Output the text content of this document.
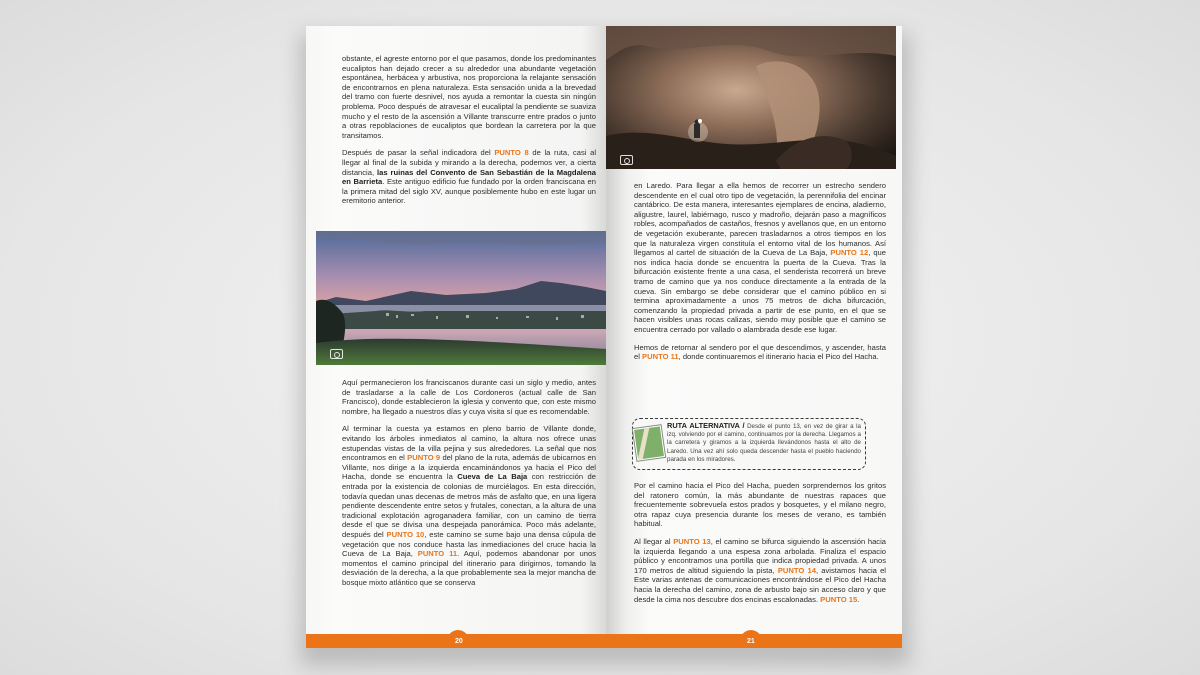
obstante, el agreste entorno por el que pasamos, donde los predominantes eucaliptos han dejado crecer a su alrededor una abundante vegetación espontánea, herbácea y arbustiva, nos proporciona la relajante sensación de encontrarnos en plena naturaleza. Esta sensación unida a la brevedad del tramo con fuerte desnivel, nos ayuda a remontar la cuesta sin ningún problema. Poco después de atravesar el eucaliptal la pendiente se suaviza mucho y el resto de la ascensión a Villante transcurre entre prados o junto a otras repoblaciones de eucaliptos que bordean la carretera por la que transitamos.

Después de pasar la señal indicadora del PUNTO 8 de la ruta, casi al llegar al final de la subida y mirando a la derecha, podemos ver, a cierta distancia, las ruinas del Convento de San Sebastián de la Magdalena en Barrieta. Este antiguo edificio fue fundado por la orden franciscana en la primera mitad del siglo XV, aunque posiblemente hubo en este lugar un eremitorio anterior.

Aquí permanecieron los franciscanos durante casi un siglo y medio, antes de trasladarse a la calle de Los Cordoneros (actual calle de San Francisco), donde establecieron la iglesia y convento que, con este mismo nombre, ha llegado a nuestros días y cuya visita sí que es recomendable.

Al terminar la cuesta ya estamos en pleno barrio de Villante donde, evitando los árboles inmediatos al camino, la altura nos ofrece unas estupendas vistas de la villa pejina y sus alrededores. La señal que nos encontramos en el PUNTO 9 del plano de la ruta, además de ubicarnos en Villante, nos dirige a la izquierda encaminándonos ya hacia el Pico del Hacha, donde se encuentra la Cueva de La Baja con restricción de entrada por la existencia de colonias de murciélagos. En esta dirección, todavía quedan unas decenas de metros más de asfalto que, en una ligera pendiente descendente entre setos y frutales, conectan, a la altura de una tradicional explotación agroganadera familiar, con un camino de tierra desde el que se divisa una despejada panorámica. Poco más adelante, después del PUNTO 10, este camino se sume bajo una densa cúpula de vegetación que nos conduce hasta las inmediaciones del cruce hacia la Cueva de La Baja, PUNTO 11. Aquí, podemos abandonar por unos momentos el camino principal del itinerario para dirigirnos, tomando la desviación de la derecha, a la que probablemente sea la mejor mancha de bosque mixto atlántico que se conserva

20

en Laredo. Para llegar a ella hemos de recorrer un estrecho sendero descendente en el cual otro tipo de vegetación, la perennifolia del encinar cantábrico. De esta manera, interesantes ejemplares de encina, aladierno, aligustre, laurel, labiérnago, rusco y madroño, dejarán paso a magníficos robles, acompañados de castaños, fresnos y avellanos que, en un entorno de vegetación exuberante, parecen trasladarnos a otros tiempos en los que la naturaleza virgen constituía el entorno vital de los humanos. Así llegamos al cartel de situación de la Cueva de La Baja, PUNTO 12, que nos indica hacia donde se encuentra la puerta de la Cueva. Tras la bifurcación existente frente a una casa, el senderista recorrerá un breve tramo de camino que ya nos conduce directamente a la entrada de la cueva. Sin embargo se debe considerar que el camino público en si termina aproximadamente a unos 75 metros de dicha bifurcación, comenzando la propiedad privada a partir de ese punto, en el que se hacen visibles unas rocas calizas, siendo muy posible que el camino se encuentra cerrado por vallado o alambrada desde ese lugar.

Hemos de retornar al sendero por el que descendimos, y ascender, hasta el PUNTO 11, donde continuaremos el itinerario hacia el Pico del Hacha.

Por el camino hacia el Pico del Hacha, pueden sorprendernos los gritos del ratonero común, la más abundante de nuestras rapaces que frecuentemente sobrevuela estos prados y bosquetes, y el milano negro, otra rapaz cuya presencia durante los meses de verano, es también habitual.

Al llegar al PUNTO 13, el camino se bifurca siguiendo la ascensión hacia la izquierda llegando a una espesa zona arbolada. Finaliza el espacio público y encontramos una portilla que indica propiedad privada. A unos 170 metros de altitud siguiendo la pista, PUNTO 14, avistamos hacia el Este varias antenas de comunicaciones encontrándose el Pico del Hacha hacia la derecha del camino, zona de arbusto bajo sin acceso claro y que desde la cima nos descubre dos encinas escalonadas. PUNTO 15.

21
RUTA ALTERNATIVA / Desde el punto 13, en vez de girar a la izq. volviendo por el camino, continuamos por la derecha. Llegamos a la carretera y giramos a la izquierda llevándonos hasta el alto de Laredo. Una vez ahí solo queda descender hasta el pueblo haciendo parada en los miradores.
